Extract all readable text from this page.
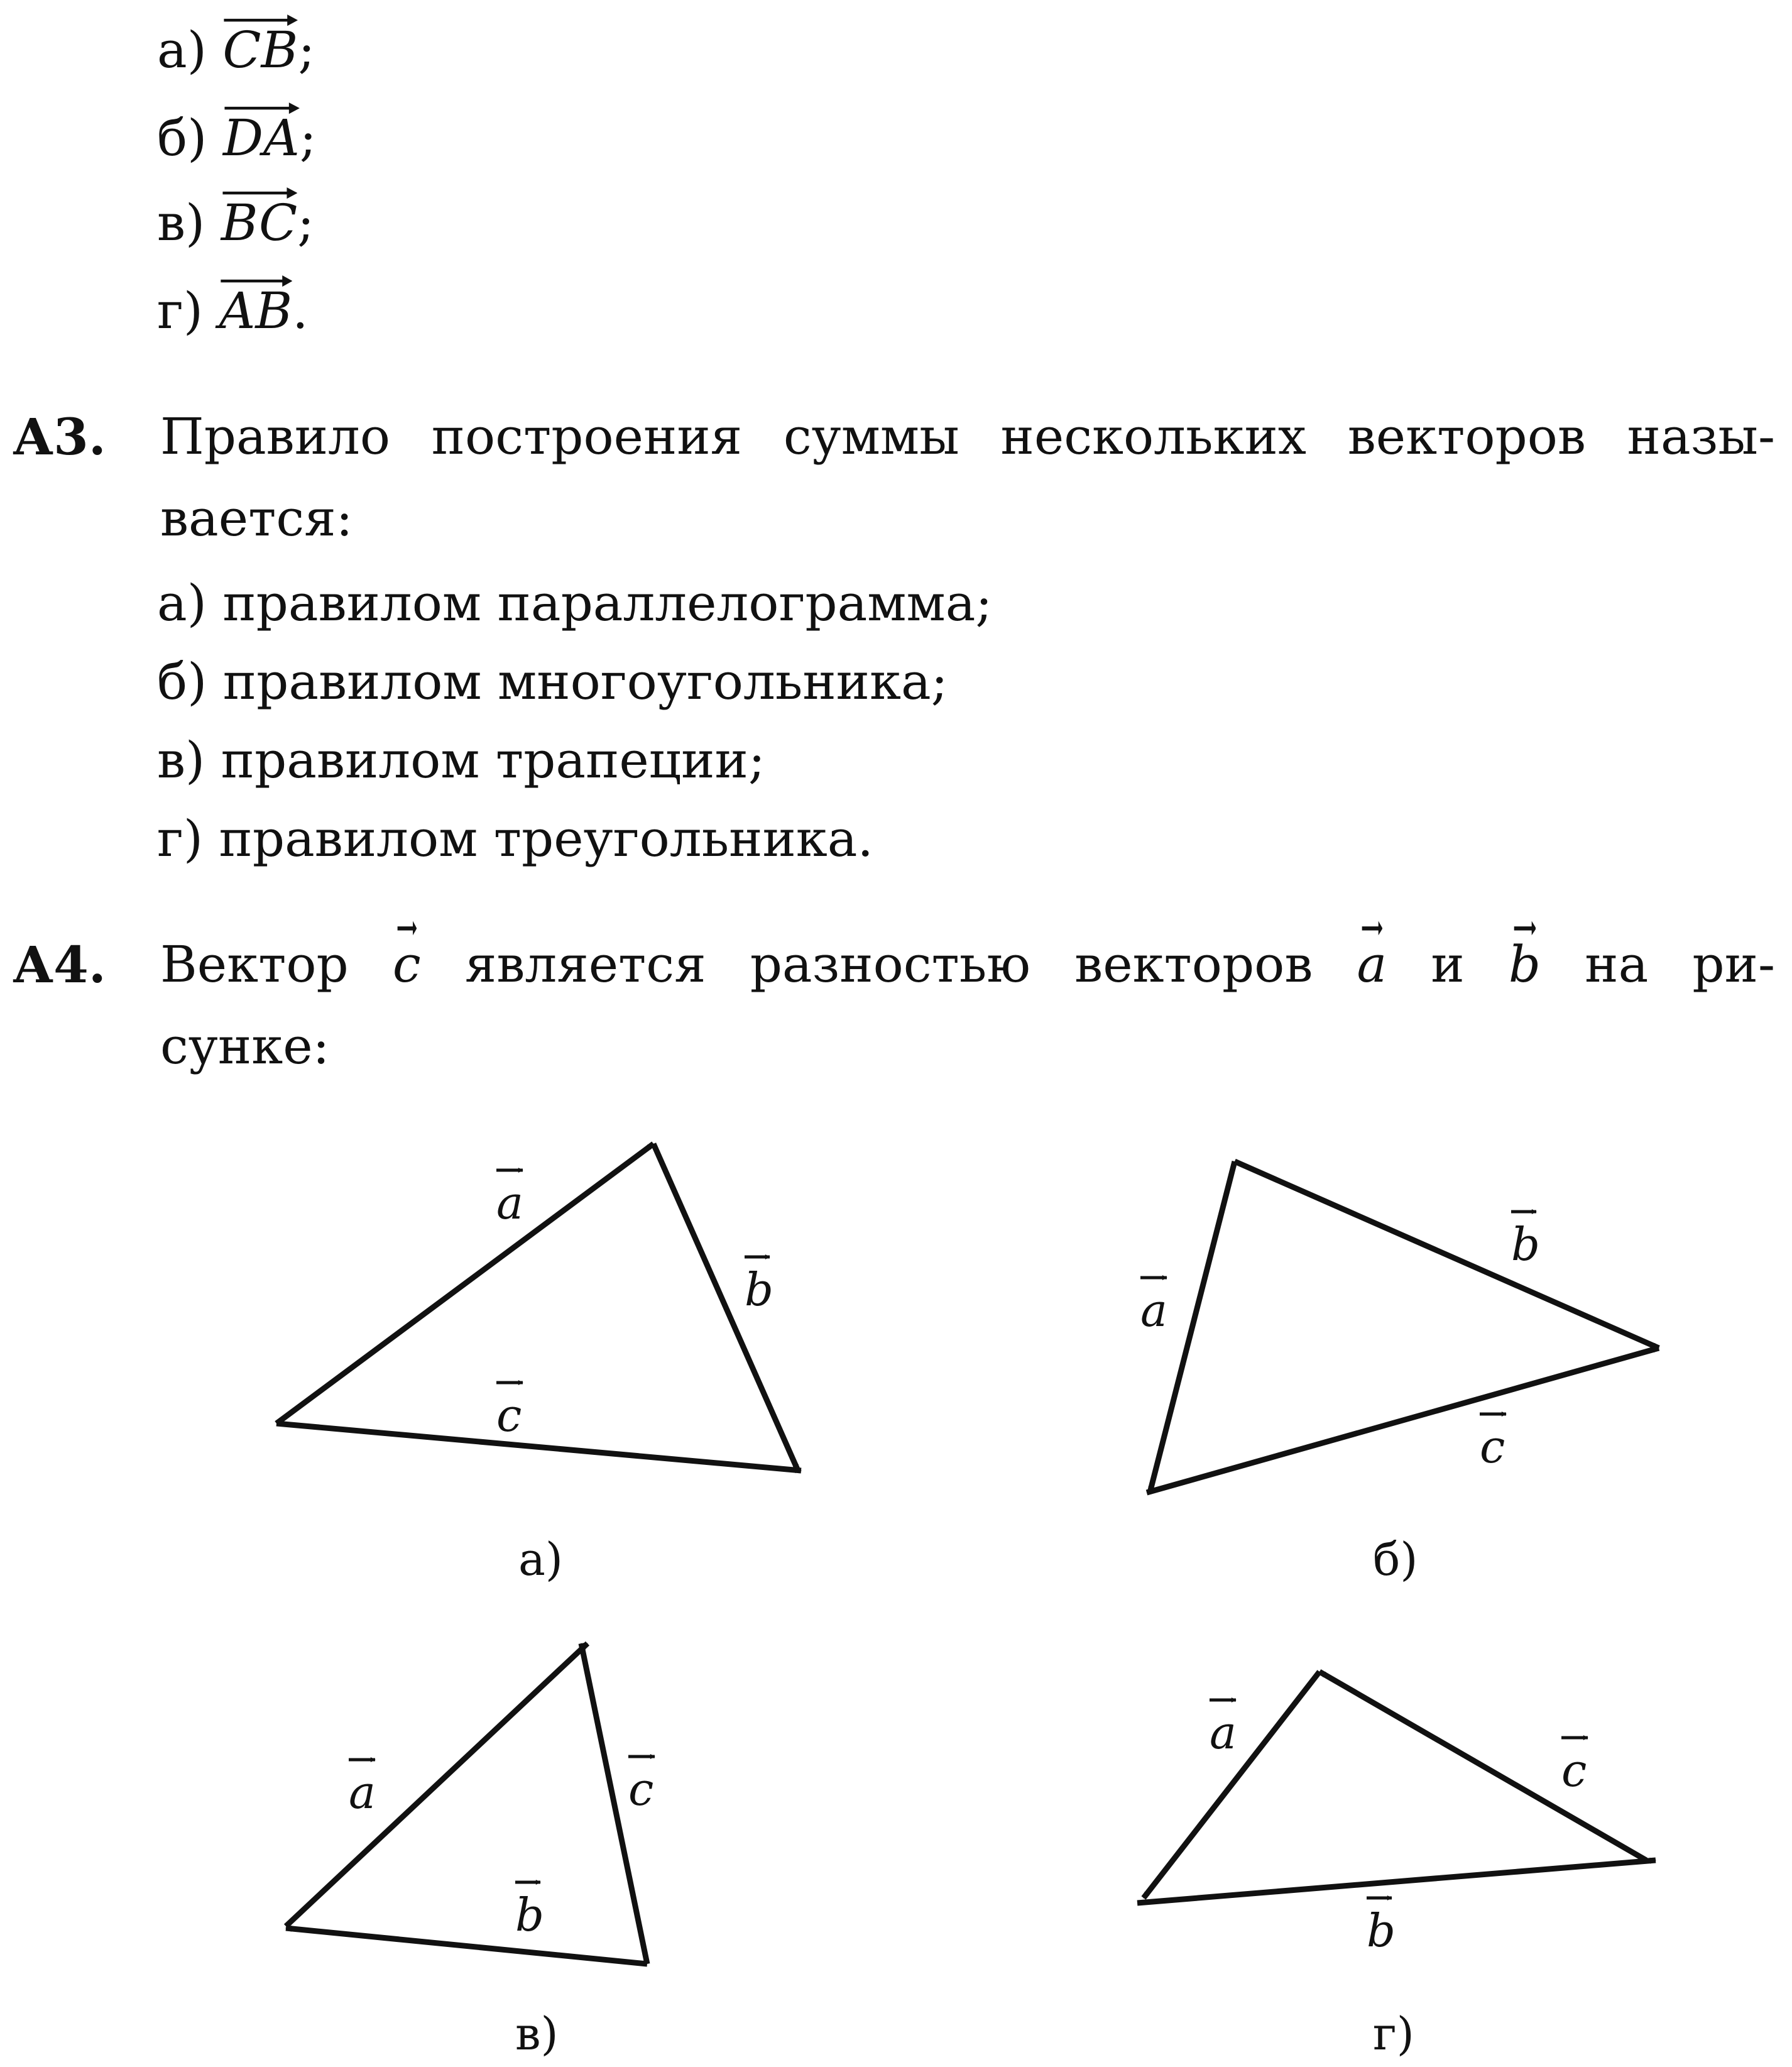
а) CB;
б) DA;
в) BC;
г) AB.
А3. Правило построения суммы нескольких векторов назы-
вается:
а) правилом параллелограмма;
б) правилом многоугольника;
в) правилом трапеции;
г) правилом треугольника.
А4. Вектор c является разностью векторов a и b на ри-
сунке:
a
b
c
а)
a
b
c
б)
a
b
c
в)
a
c
b
г)
